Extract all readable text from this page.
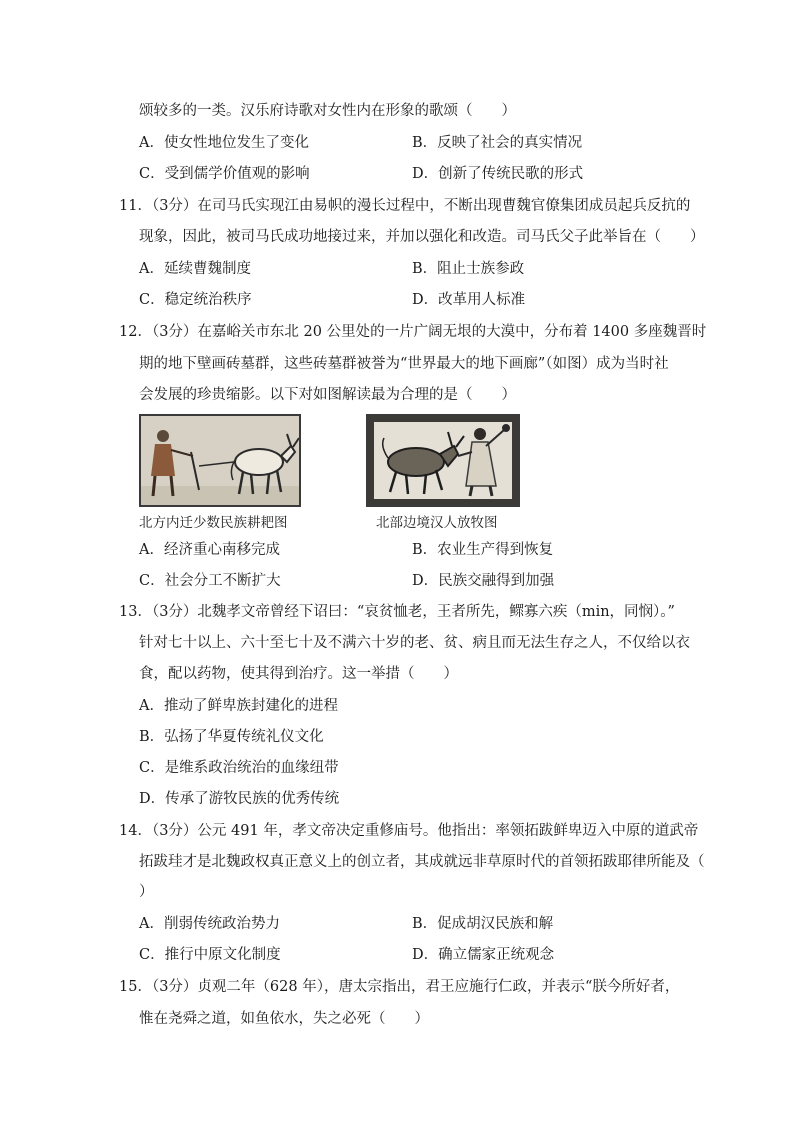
颂较多的一类。汉乐府诗歌对女性内在形象的歌颂（　　）
A．使女性地位发生了变化	B．反映了社会的真实情况
C．受到儒学价值观的影响	D．创新了传统民歌的形式
11．（3分）在司马氏实现江由易帜的漫长过程中，不断出现曹魏官僚集团成员起兵反抗的
现象，因此，被司马氏成功地接过来，并加以强化和改造。司马氏父子此举旨在（　　）
A．延续曹魏制度	B．阻止士族参政
C．稳定统治秩序	D．改革用人标准
12．（3分）在嘉峪关市东北 20 公里处的一片广阔无垠的大漠中，分布着 1400 多座魏晋时
期的地下壁画砖墓群，这些砖墓群被誉为“世界最大的地下画廊”（如图）成为当时社
会发展的珍贵缩影。以下对如图解读最为合理的是（　　）
北方内迁少数民族耕耙图	北部边境汉人放牧图
A．经济重心南移完成	B．农业生产得到恢复
C．社会分工不断扩大	D．民族交融得到加强
13．（3分）北魏孝文帝曾经下诏曰：“哀贫恤老，王者所先，鳏寡六疾（min，同悯）。”
针对七十以上、六十至七十及不满六十岁的老、贫、病且而无法生存之人，不仅给以衣
食，配以药物，使其得到治疗。这一举措（　　）
A．推动了鲜卑族封建化的进程
B．弘扬了华夏传统礼仪文化
C．是维系政治统治的血缘纽带
D．传承了游牧民族的优秀传统
14．（3分）公元 491 年，孝文帝决定重修庙号。他指出：率领拓跋鲜卑迈入中原的道武帝
拓跋珪才是北魏政权真正意义上的创立者，其成就远非草原时代的首领拓跋耶律所能及（
）
A．削弱传统政治势力	B．促成胡汉民族和解
C．推行中原文化制度	D．确立儒家正统观念
15．（3分）贞观二年（628 年），唐太宗指出，君王应施行仁政，并表示“朕今所好者，
惟在尧舜之道，如鱼依水，失之必死（　　）
